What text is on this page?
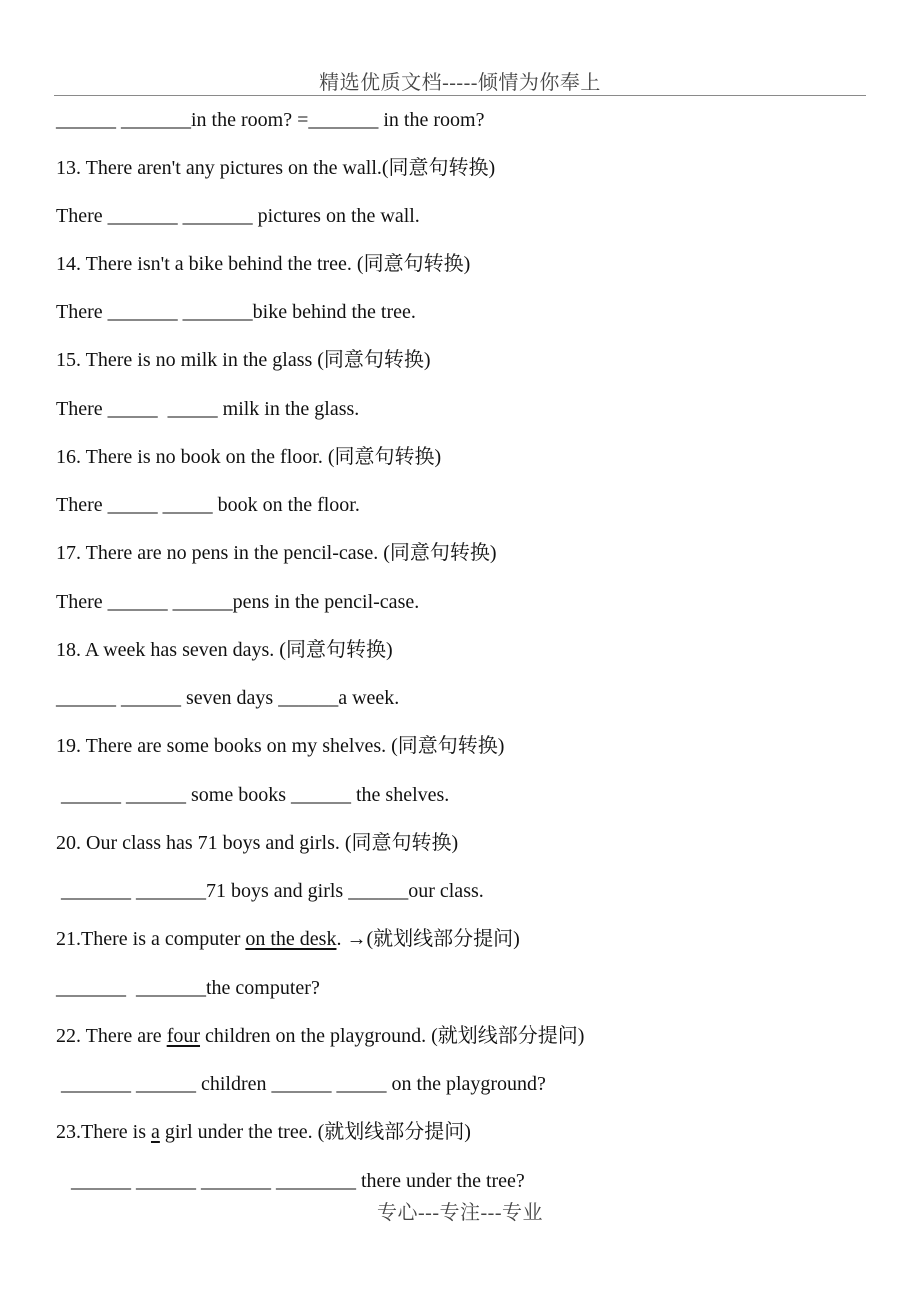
精选优质文档-----倾情为你奉上
______ _______in the room? =_______ in the room?
13. There aren't any pictures on the wall.(同意句转换)
There _______ _______ pictures on the wall.
14. There isn't a bike behind the tree. (同意句转换)
There _______ _______bike behind the tree.
15. There is no milk in the glass (同意句转换)
There _____  _____ milk in the glass.
16. There is no book on the floor. (同意句转换)
There _____ _____ book on the floor.
17. There are no pens in the pencil-case. (同意句转换)
There ______ ______pens in the pencil-case.
18. A week has seven days. (同意句转换)
______ ______ seven days ______a week.
19. There are some books on my shelves. (同意句转换)
______ ______ some books ______ the shelves.
20. Our class has 71 boys and girls. (同意句转换)
_______ _______71 boys and girls ______our class.
21.There is a computer on the desk. →(就划线部分提问)
_______  _______the computer?
22. There are four children on the playground. (就划线部分提问)
_______ ______ children ______ _____ on the playground?
23.There is a girl under the tree. (就划线部分提问)
______ ______ _______ ________ there under the tree?
专心---专注---专业
